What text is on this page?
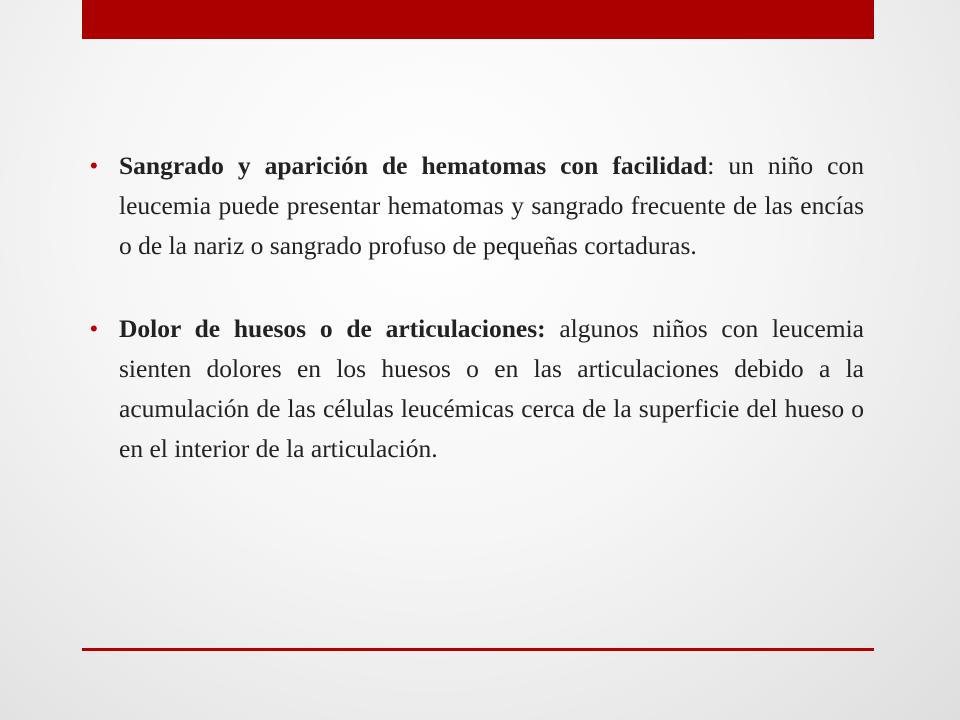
• Sangrado y aparición de hematomas con facilidad: un niño con leucemia puede presentar hematomas y sangrado frecuente de las encías o de la nariz o sangrado profuso de pequeñas cortaduras.
• Dolor de huesos o de articulaciones: algunos niños con leucemia sienten dolores en los huesos o en las articulaciones debido a la acumulación de las células leucémicas cerca de la superficie del hueso o en el interior de la articulación.
